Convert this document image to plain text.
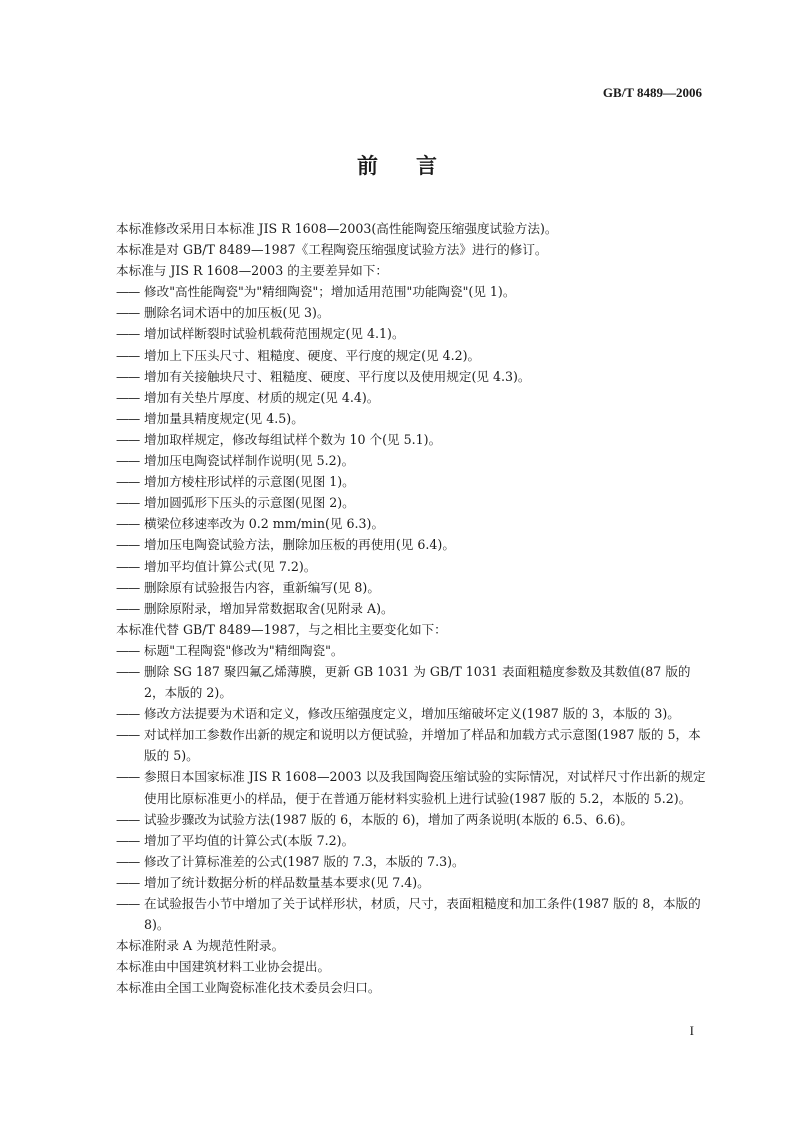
GB/T 8489—2006
前言

本标准修改采用日本标准 JIS R 1608—2003(高性能陶瓷压缩强度试验方法)。

本标准是对 GB/T 8489—1987《工程陶瓷压缩强度试验方法》进行的修订。

本标准与 JIS R 1608—2003 的主要差异如下：

—— 修改"高性能陶瓷"为"精细陶瓷"；增加适用范围"功能陶瓷"(见 1)。

—— 删除名词术语中的加压板(见 3)。

—— 增加试样断裂时试验机载荷范围规定(见 4.1)。

—— 增加上下压头尺寸、粗糙度、硬度、平行度的规定(见 4.2)。

—— 增加有关接触块尺寸、粗糙度、硬度、平行度以及使用规定(见 4.3)。

—— 增加有关垫片厚度、材质的规定(见 4.4)。

—— 增加量具精度规定(见 4.5)。

—— 增加取样规定，修改每组试样个数为 10 个(见 5.1)。

—— 增加压电陶瓷试样制作说明(见 5.2)。

—— 增加方棱柱形试样的示意图(见图 1)。

—— 增加圆弧形下压头的示意图(见图 2)。

—— 横梁位移速率改为 0.2 mm/min(见 6.3)。

—— 增加压电陶瓷试验方法，删除加压板的再使用(见 6.4)。

—— 增加平均值计算公式(见 7.2)。

—— 删除原有试验报告内容，重新编写(见 8)。

—— 删除原附录，增加异常数据取舍(见附录 A)。

本标准代替 GB/T 8489—1987，与之相比主要变化如下：

—— 标题"工程陶瓷"修改为"精细陶瓷"。

—— 删除 SG 187 聚四氟乙烯薄膜，更新 GB 1031 为 GB/T 1031 表面粗糙度参数及其数值(87 版的 2，本版的 2)。

—— 修改方法提要为术语和定义，修改压缩强度定义，增加压缩破坏定义(1987 版的 3，本版的 3)。

—— 对试样加工参数作出新的规定和说明以方便试验，并增加了样品和加载方式示意图(1987 版的 5，本版的 5)。

—— 参照日本国家标准 JIS R 1608—2003 以及我国陶瓷压缩试验的实际情况，对试样尺寸作出新的规定使用比原标准更小的样品，便于在普通万能材料实验机上进行试验(1987 版的 5.2，本版的 5.2)。

—— 试验步骤改为试验方法(1987 版的 6，本版的 6)，增加了两条说明(本版的 6.5、6.6)。

—— 增加了平均值的计算公式(本版 7.2)。

—— 修改了计算标准差的公式(1987 版的 7.3，本版的 7.3)。

—— 增加了统计数据分析的样品数量基本要求(见 7.4)。

—— 在试验报告小节中增加了关于试样形状，材质，尺寸，表面粗糙度和加工条件(1987 版的 8，本版的 8)。

本标准附录 A 为规范性附录。

本标准由中国建筑材料工业协会提出。

本标准由全国工业陶瓷标准化技术委员会归口。

I
